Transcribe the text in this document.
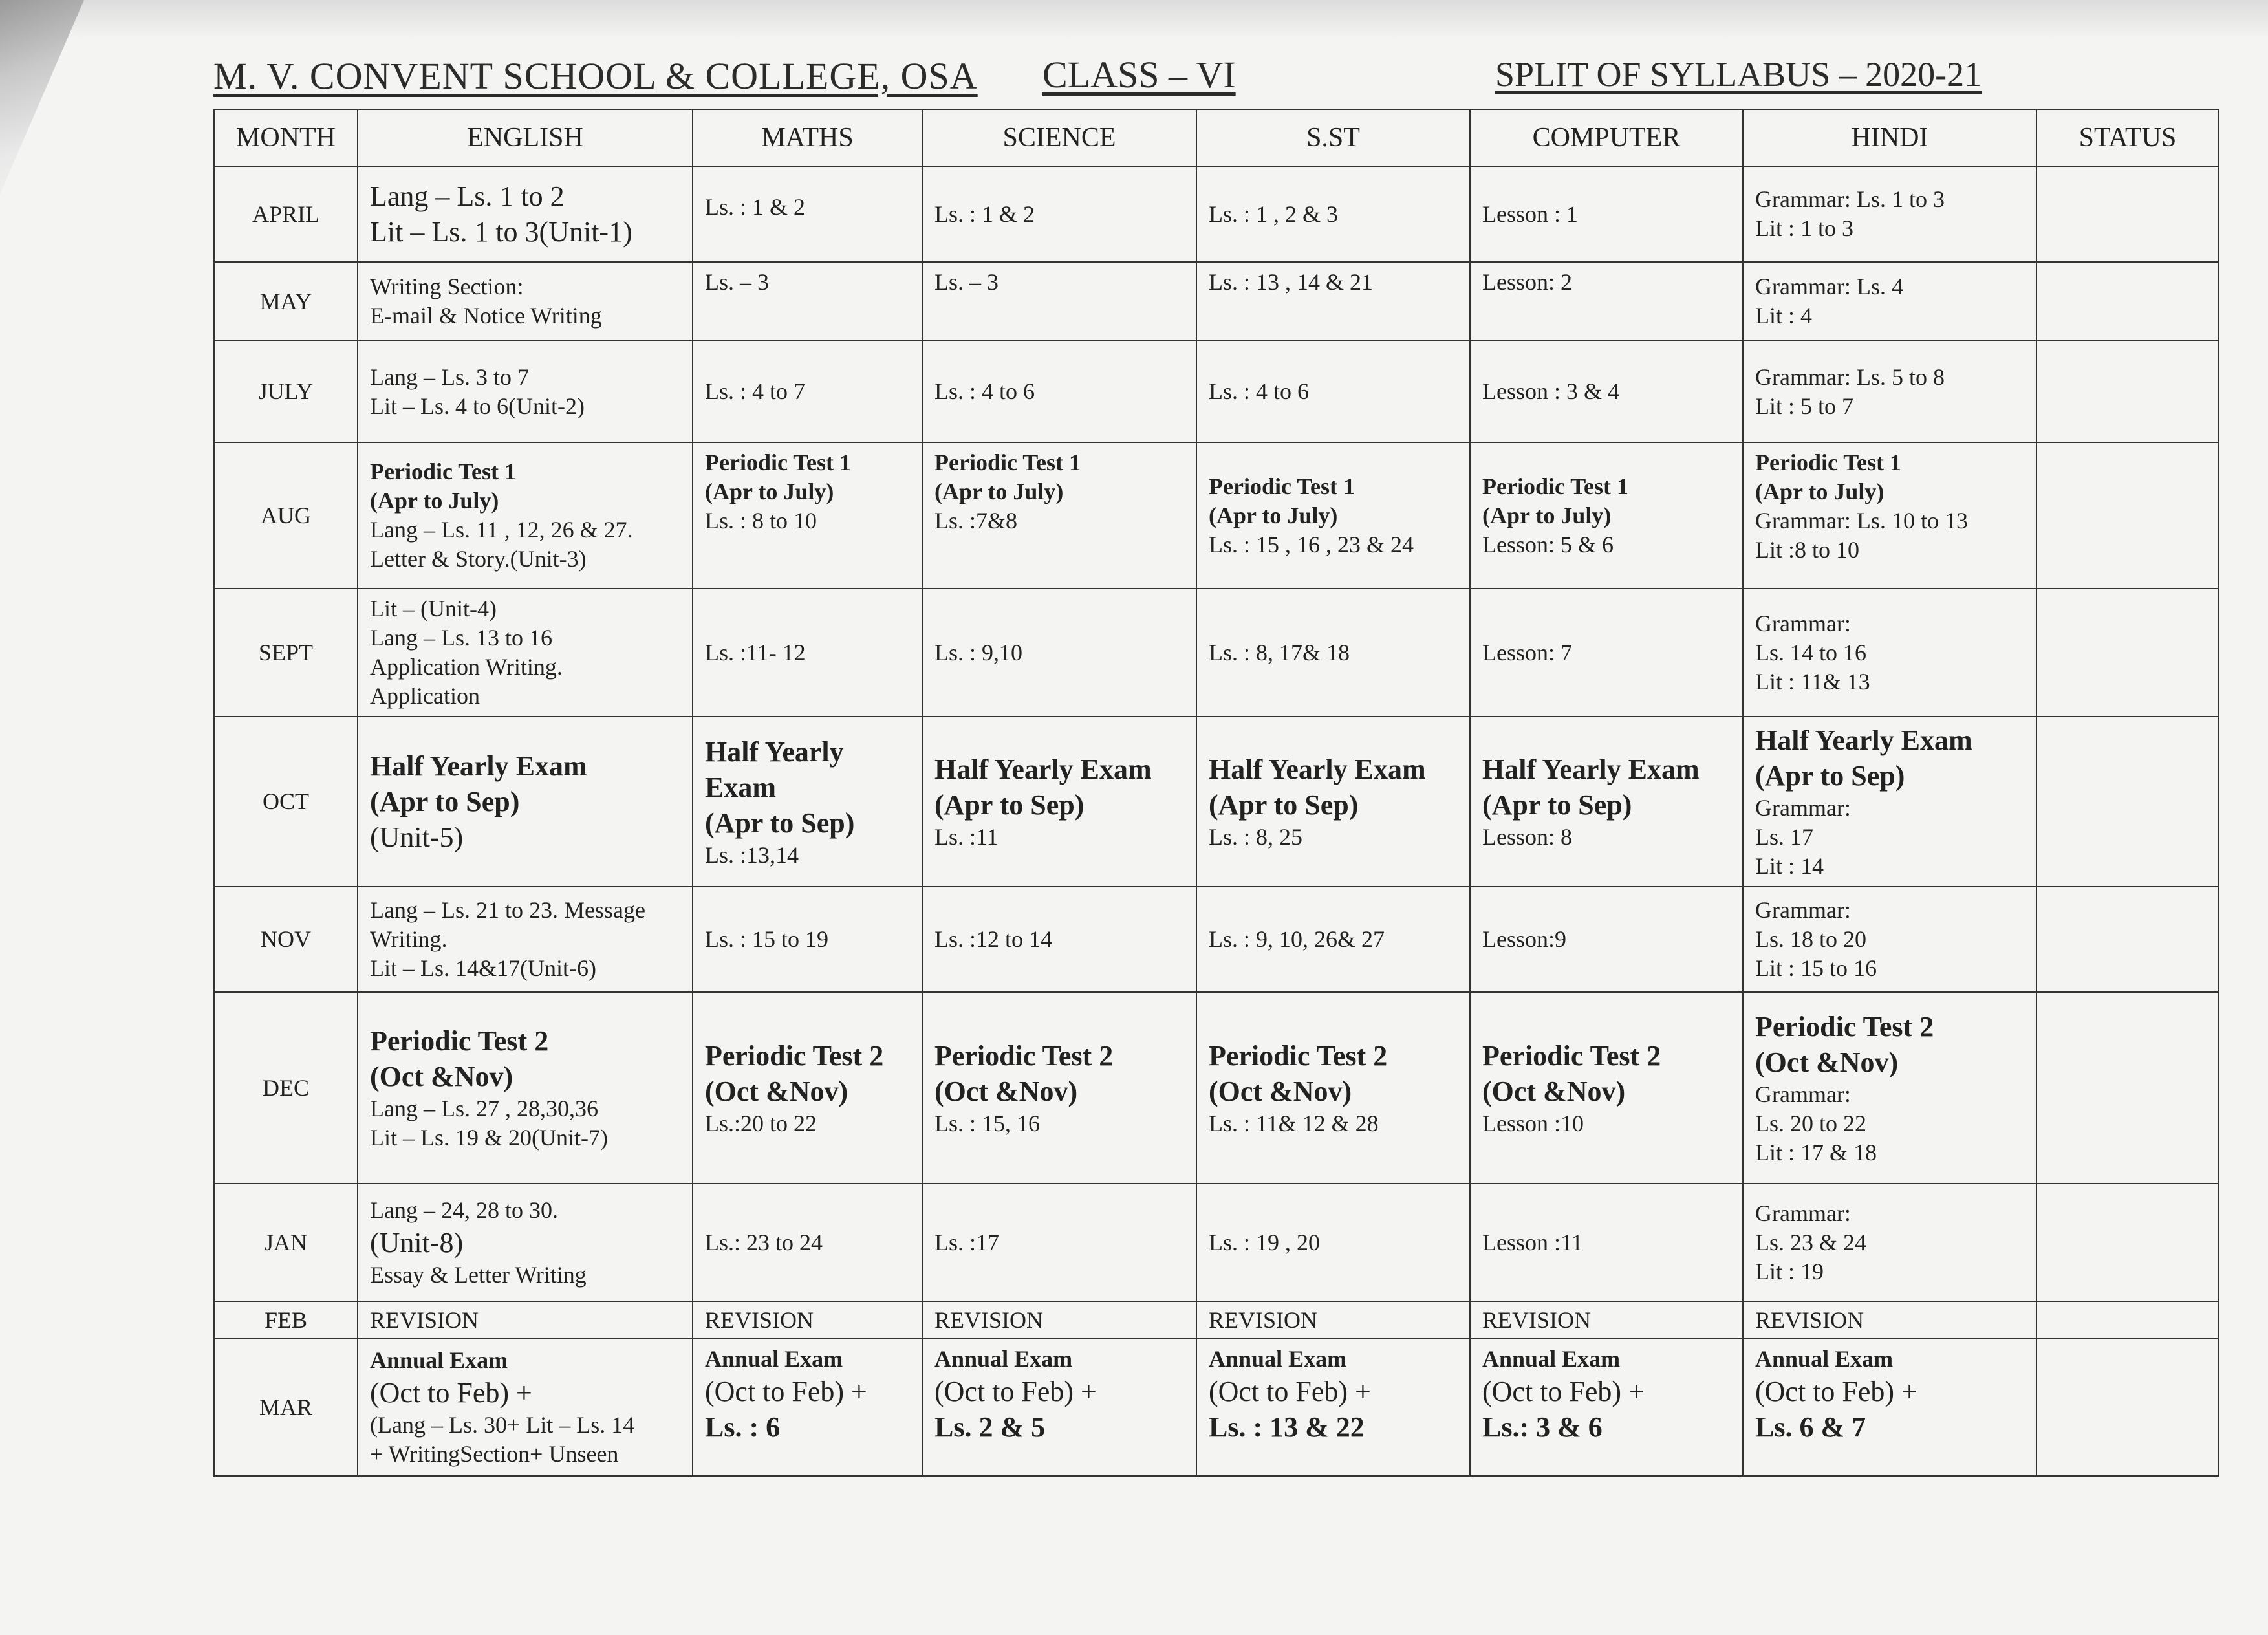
M. V. CONVENT SCHOOL & COLLEGE, OSA CLASS – VI	SPLIT OF SYLLABUS – 2020-21
MONTH	ENGLISH	MATHS	SCIENCE	S.ST	COMPUTER	HINDI	STATUS
APRIL	Lang – Ls. 1 to 2
Lit – Ls. 1 to 3(Unit-1)	Ls. : 1 & 2	Ls. : 1 & 2	Ls. : 1 , 2 & 3	Lesson : 1	Grammar: Ls. 1 to 3
Lit : 1 to 3	

MAY	Writing Section:
E-mail & Notice Writing	Ls. – 3	Ls. – 3	Ls. : 13 , 14 & 21	Lesson: 2	Grammar: Ls. 4
Lit : 4	

JULY	Lang – Ls. 3 to 7
Lit – Ls. 4 to 6(Unit-2)	Ls. : 4 to 7	Ls. : 4 to 6	Ls. : 4 to 6	Lesson : 3 & 4	Grammar: Ls. 5 to 8
Lit : 5 to 7	

AUG	Periodic Test 1
(Apr to July)
Lang – Ls. 11 , 12, 26 & 27.
Letter & Story.(Unit-3)	Periodic Test 1
(Apr to July)
Ls. : 8 to 10	Periodic Test 1
(Apr to July)
Ls. :7&8	Periodic Test 1
(Apr to July)
Ls. : 15 , 16 , 23 & 24	Periodic Test 1
(Apr to July)
Lesson: 5 & 6	Periodic Test 1
(Apr to July)
Grammar: Ls. 10 to 13
Lit :8 to 10	

SEPT	Lit – (Unit-4)
Lang – Ls. 13 to 16
Application Writing.
Application	Ls. :11- 12	Ls. : 9,10	Ls. : 8, 17& 18	Lesson: 7	Grammar:
Ls. 14 to 16
Lit : 11& 13	

OCT	Half Yearly Exam
(Apr to Sep)
(Unit-5)	Half Yearly Exam
(Apr to Sep)
Ls. :13,14	Half Yearly Exam
(Apr to Sep)
Ls. :11	Half Yearly Exam
(Apr to Sep)
Ls. : 8, 25	Half Yearly Exam
(Apr to Sep)
Lesson: 8	Half Yearly Exam
(Apr to Sep)
Grammar:
Ls. 17
Lit : 14	

NOV	Lang – Ls. 21 to 23. Message
Writing.
Lit – Ls. 14&17(Unit-6)	Ls. : 15 to 19	Ls. :12 to 14	Ls. : 9, 10, 26& 27	Lesson:9	Grammar:
Ls. 18 to 20
Lit : 15 to 16	

DEC	Periodic Test 2
(Oct &Nov)
Lang – Ls. 27 , 28,30,36
Lit – Ls. 19 & 20(Unit-7)	Periodic Test 2
(Oct &Nov)
Ls.:20 to 22	Periodic Test 2
(Oct &Nov)
Ls. : 15, 16	Periodic Test 2
(Oct &Nov)
Ls. : 11& 12 & 28	Periodic Test 2
(Oct &Nov)
Lesson :10	Periodic Test 2
(Oct &Nov)
Grammar:
Ls. 20 to 22
Lit : 17 & 18	

JAN	Lang – 24, 28 to 30.
(Unit-8)
Essay & Letter Writing	Ls.: 23 to 24	Ls. :17	Ls. : 19 , 20	Lesson :11	Grammar:
Ls. 23 & 24
Lit : 19	

FEB	REVISION	REVISION	REVISION	REVISION	REVISION	REVISION	
MAR	Annual Exam
(Oct to Feb) +
(Lang – Ls. 30+ Lit – Ls. 14
+ WritingSection+ Unseen	Annual Exam
(Oct to Feb) +
Ls. : 6	Annual Exam
(Oct to Feb) +
Ls. 2 & 5	Annual Exam
(Oct to Feb) +
Ls. : 13 & 22	Annual Exam
(Oct to Feb) +
Ls.: 3 & 6	Annual Exam
(Oct to Feb) +
Ls. 6 & 7	
